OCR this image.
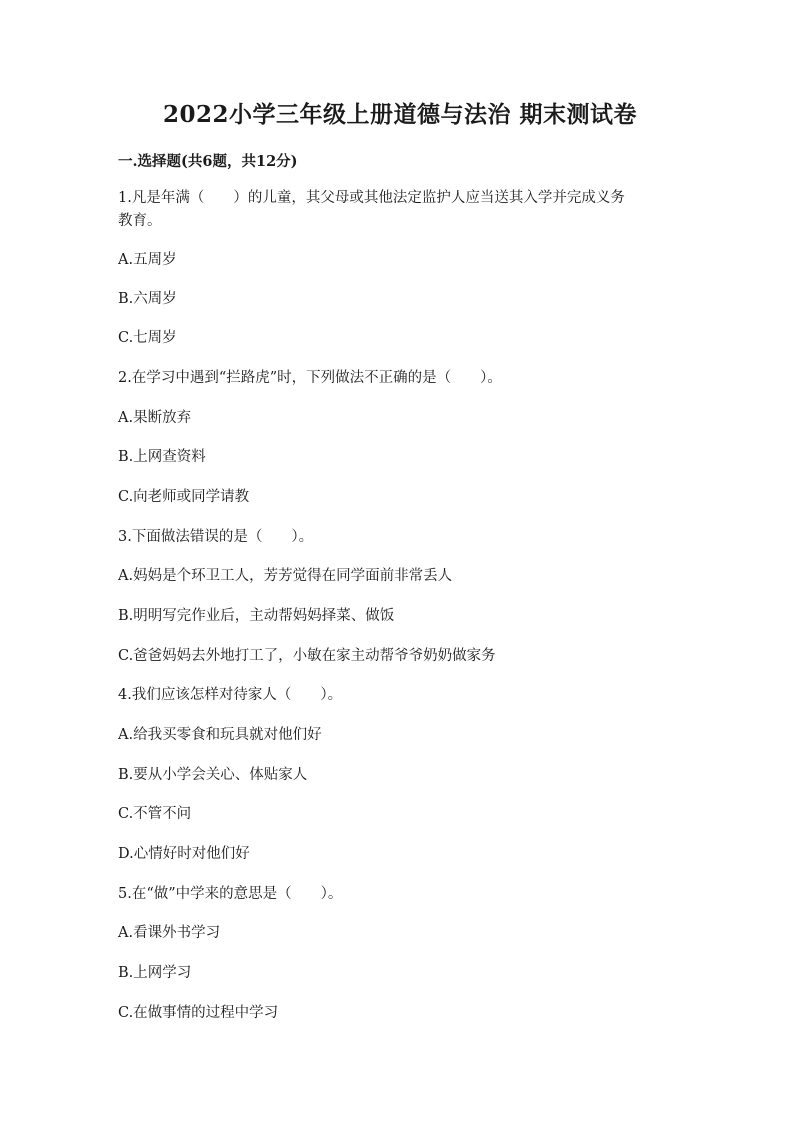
2022小学三年级上册道德与法治 期末测试卷
一.选择题(共6题，共12分)
1.凡是年满（　　）的儿童，其父母或其他法定监护人应当送其入学并完成义务
教育。
A.五周岁
B.六周岁
C.七周岁
2.在学习中遇到“拦路虎”时，下列做法不正确的是（　　）。
A.果断放弃
B.上网查资料
C.向老师或同学请教
3.下面做法错误的是（　　）。
A.妈妈是个环卫工人，芳芳觉得在同学面前非常丢人
B.明明写完作业后，主动帮妈妈择菜、做饭
C.爸爸妈妈去外地打工了，小敏在家主动帮爷爷奶奶做家务
4.我们应该怎样对待家人（　　）。
A.给我买零食和玩具就对他们好
B.要从小学会关心、体贴家人
C.不管不问
D.心情好时对他们好
5.在“做”中学来的意思是（　　）。
A.看课外书学习
B.上网学习
C.在做事情的过程中学习
